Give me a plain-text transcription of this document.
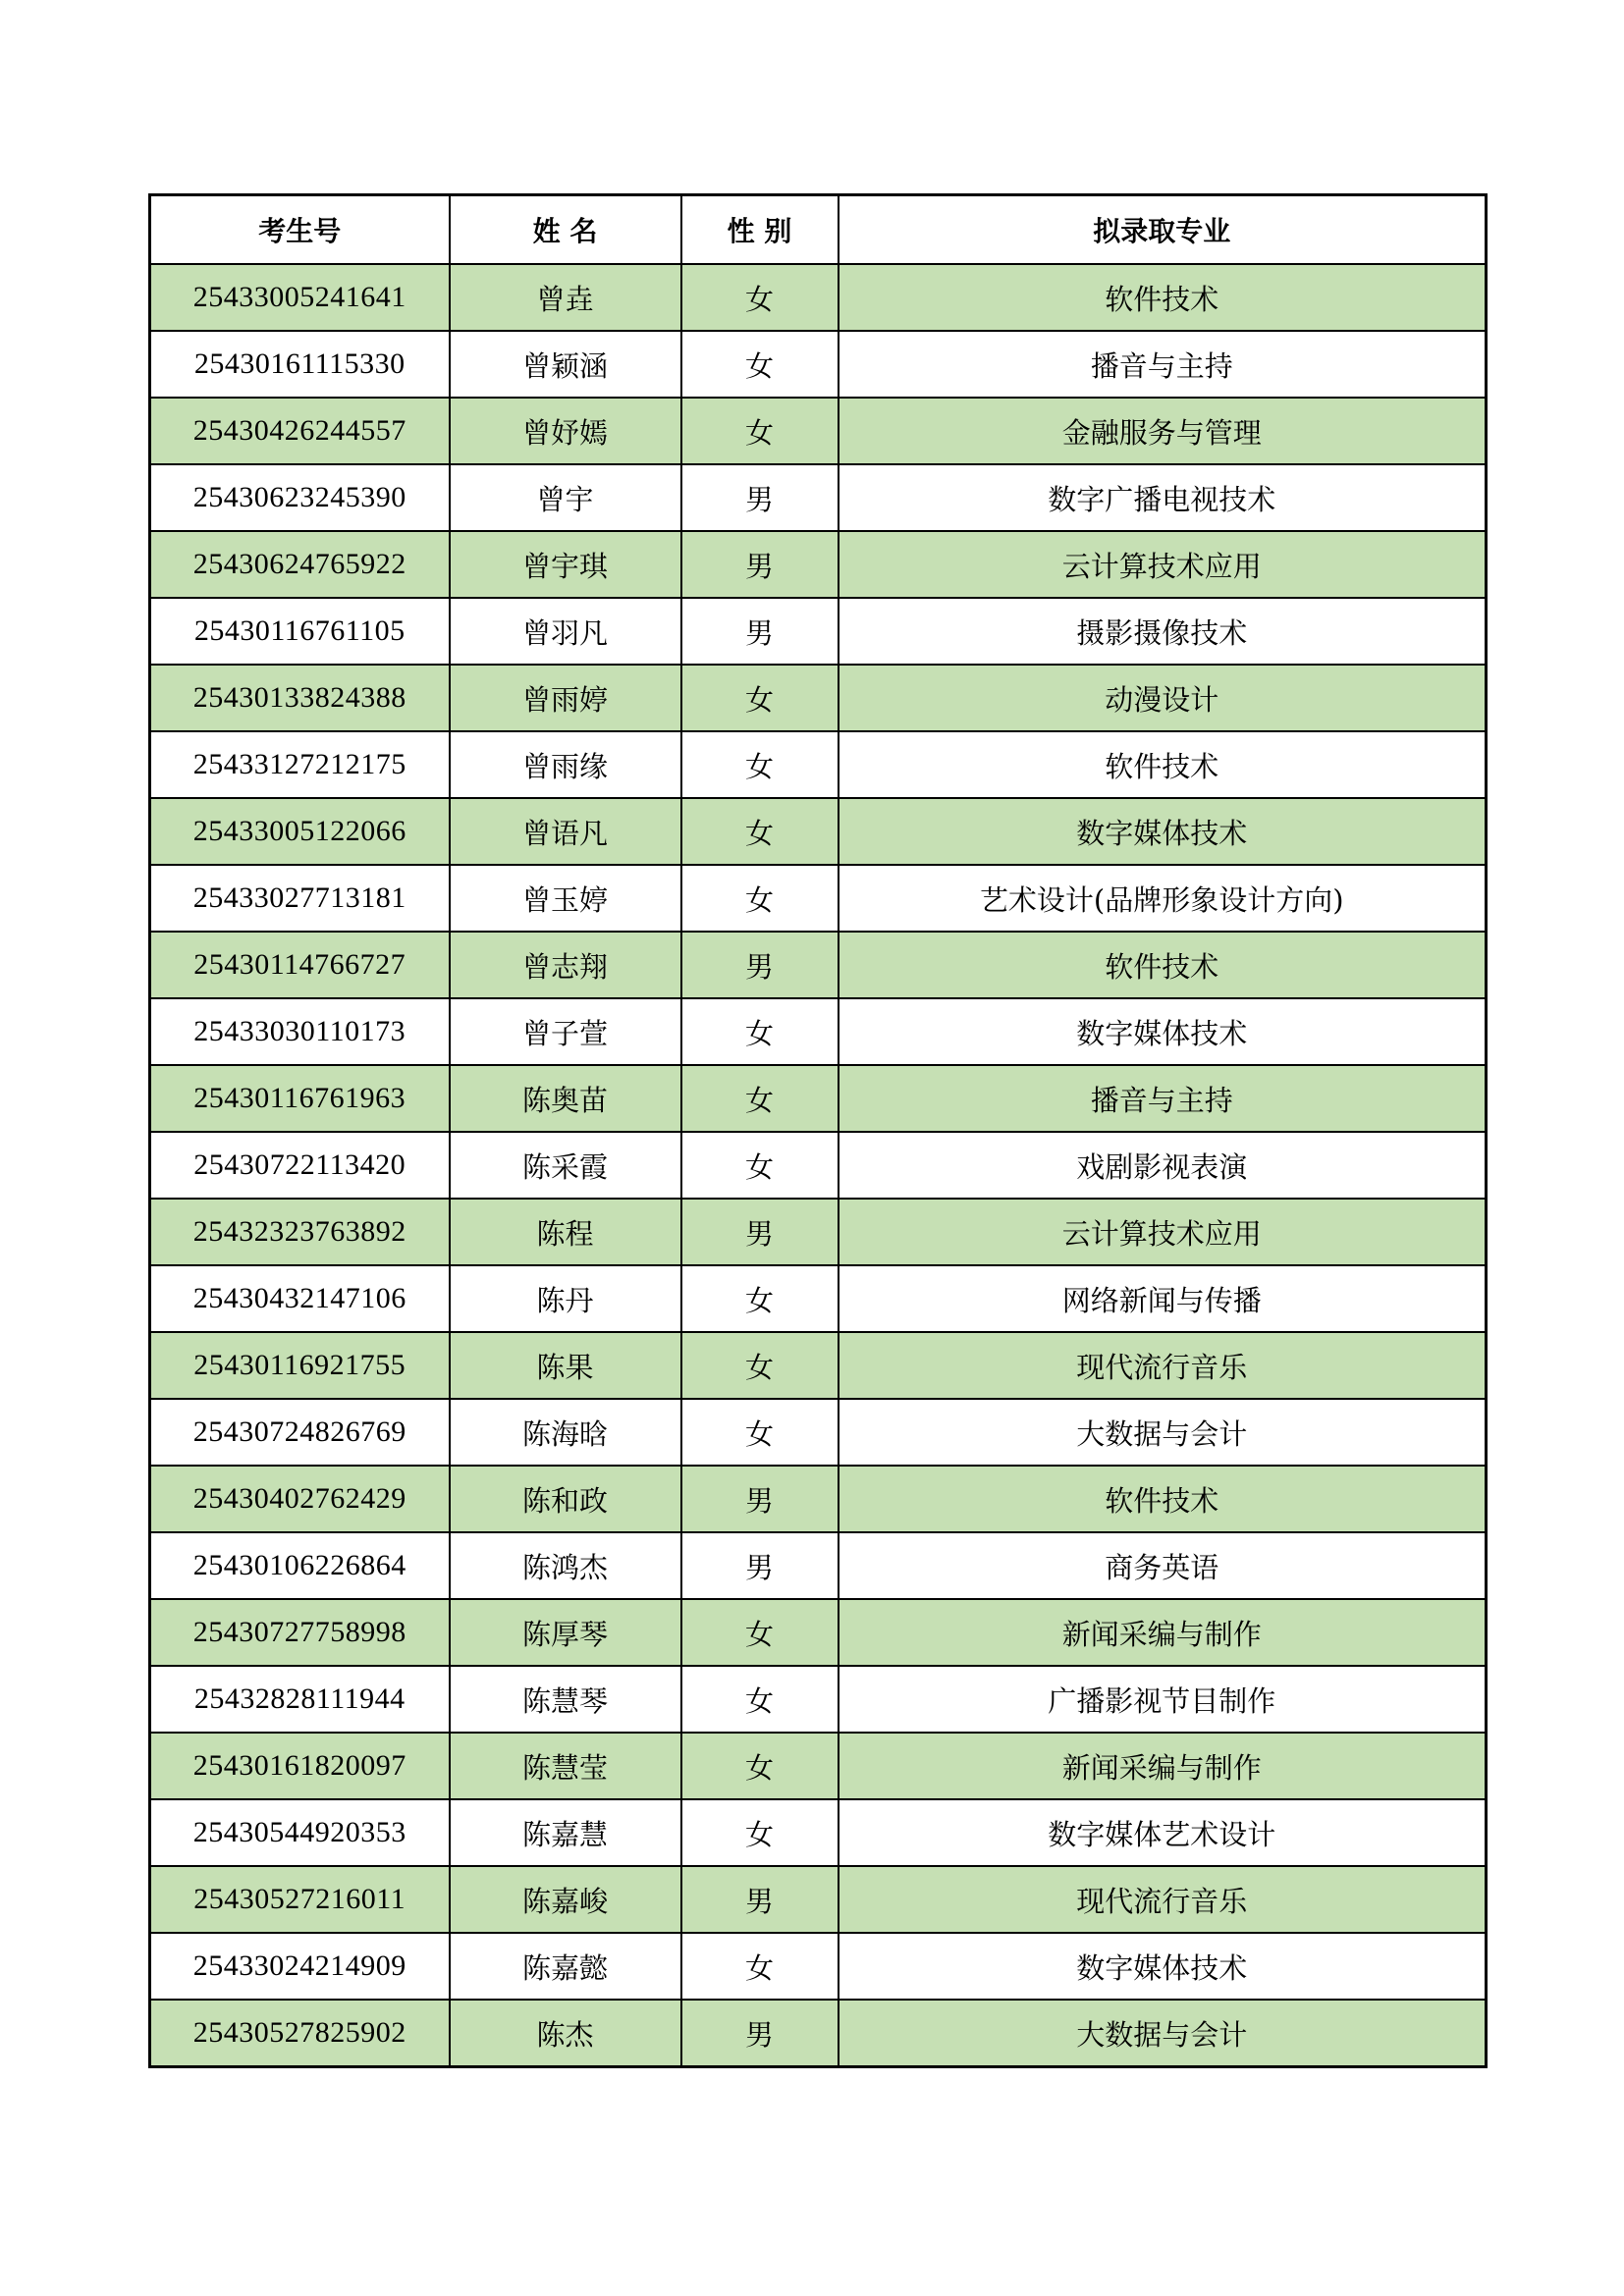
考生号	姓 名	性 别	拟录取专业
25433005241641	曾垚	女	软件技术
25430161115330	曾颖涵	女	播音与主持
25430426244557	曾妤嫣	女	金融服务与管理
25430623245390	曾宇	男	数字广播电视技术
25430624765922	曾宇琪	男	云计算技术应用
25430116761105	曾羽凡	男	摄影摄像技术
25430133824388	曾雨婷	女	动漫设计
25433127212175	曾雨缘	女	软件技术
25433005122066	曾语凡	女	数字媒体技术
25433027713181	曾玉婷	女	艺术设计(品牌形象设计方向)
25430114766727	曾志翔	男	软件技术
25433030110173	曾子萱	女	数字媒体技术
25430116761963	陈奥苗	女	播音与主持
25430722113420	陈采霞	女	戏剧影视表演
25432323763892	陈程	男	云计算技术应用
25430432147106	陈丹	女	网络新闻与传播
25430116921755	陈果	女	现代流行音乐
25430724826769	陈海晗	女	大数据与会计
25430402762429	陈和政	男	软件技术
25430106226864	陈鸿杰	男	商务英语
25430727758998	陈厚琴	女	新闻采编与制作
25432828111944	陈慧琴	女	广播影视节目制作
25430161820097	陈慧莹	女	新闻采编与制作
25430544920353	陈嘉慧	女	数字媒体艺术设计
25430527216011	陈嘉峻	男	现代流行音乐
25433024214909	陈嘉懿	女	数字媒体技术
25430527825902	陈杰	男	大数据与会计
